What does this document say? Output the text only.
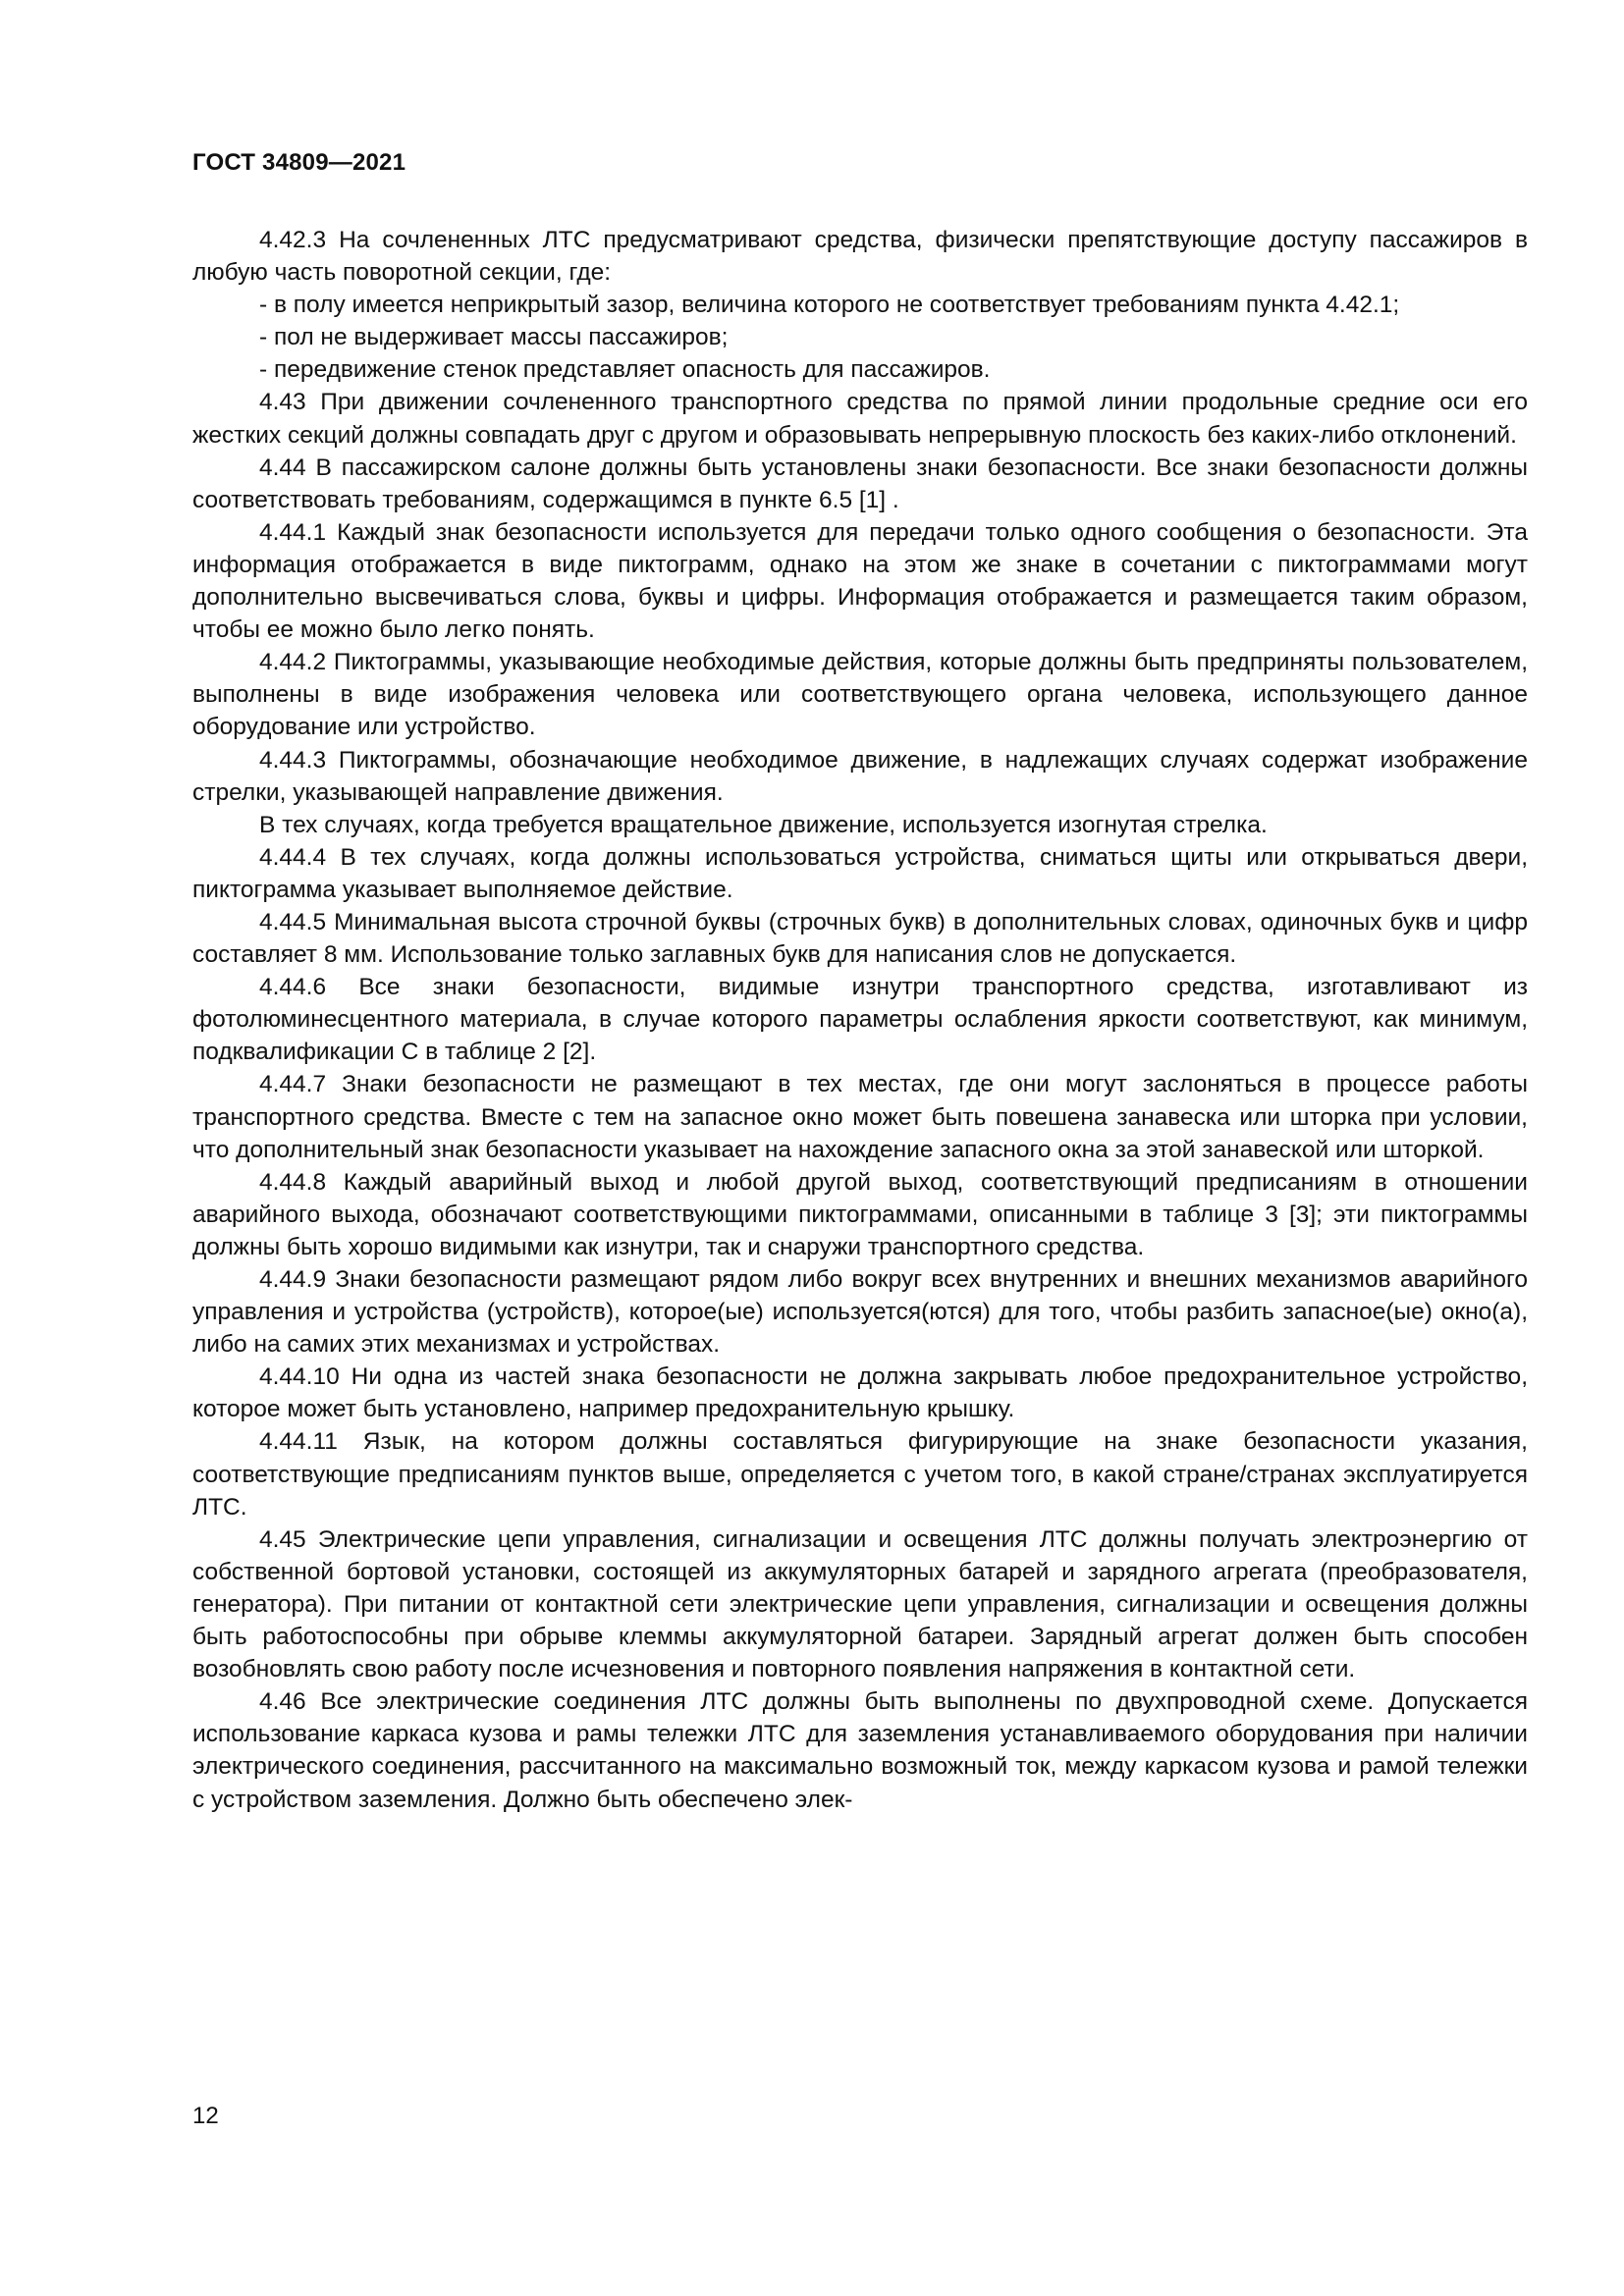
ГОСТ 34809—2021

4.42.3 На сочлененных ЛТС предусматривают средства, физически препятствующие доступу пассажиров в любую часть поворотной секции, где:

- в полу имеется неприкрытый зазор, величина которого не соответствует требованиям пункта 4.42.1;

- пол не выдерживает массы пассажиров;

- передвижение стенок представляет опасность для пассажиров.

4.43 При движении сочлененного транспортного средства по прямой линии продольные средние оси его жестких секций должны совпадать друг с другом и образовывать непрерывную плоскость без каких-либо отклонений.

4.44 В пассажирском салоне должны быть установлены знаки безопасности. Все знаки безопасности должны соответствовать требованиям, содержащимся в пункте 6.5 [1] .

4.44.1 Каждый знак безопасности используется для передачи только одного сообщения о безопасности. Эта информация отображается в виде пиктограмм, однако на этом же знаке в сочетании с пиктограммами могут дополнительно высвечиваться слова, буквы и цифры. Информация отображается и размещается таким образом, чтобы ее можно было легко понять.

4.44.2 Пиктограммы, указывающие необходимые действия, которые должны быть предприняты пользователем, выполнены в виде изображения человека или соответствующего органа человека, использующего данное оборудование или устройство.

4.44.3 Пиктограммы, обозначающие необходимое движение, в надлежащих случаях содержат изображение стрелки, указывающей направление движения.

В тех случаях, когда требуется вращательное движение, используется изогнутая стрелка.

4.44.4 В тех случаях, когда должны использоваться устройства, сниматься щиты или открываться двери, пиктограмма указывает выполняемое действие.

4.44.5 Минимальная высота строчной буквы (строчных букв) в дополнительных словах, одиночных букв и цифр составляет 8 мм. Использование только заглавных букв для написания слов не допускается.

4.44.6 Все знаки безопасности, видимые изнутри транспортного средства, изготавливают из фотолюминесцентного материала, в случае которого параметры ослабления яркости соответствуют, как минимум, подквалификации С в таблице 2 [2].

4.44.7 Знаки безопасности не размещают в тех местах, где они могут заслоняться в процессе работы транспортного средства. Вместе с тем на запасное окно может быть повешена занавеска или шторка при условии, что дополнительный знак безопасности указывает на нахождение запасного окна за этой занавеской или шторкой.

4.44.8 Каждый аварийный выход и любой другой выход, соответствующий предписаниям в отношении аварийного выхода, обозначают соответствующими пиктограммами, описанными в таблице 3 [3]; эти пиктограммы должны быть хорошо видимыми как изнутри, так и снаружи транспортного средства.

4.44.9 Знаки безопасности размещают рядом либо вокруг всех внутренних и внешних механизмов аварийного управления и устройства (устройств), которое(ые) используется(ются) для того, чтобы разбить запасное(ые) окно(а), либо на самих этих механизмах и устройствах.

4.44.10 Ни одна из частей знака безопасности не должна закрывать любое предохранительное устройство, которое может быть установлено, например предохранительную крышку.

4.44.11 Язык, на котором должны составляться фигурирующие на знаке безопасности указания, соответствующие предписаниям пунктов выше, определяется с учетом того, в какой стране/странах эксплуатируется ЛТС.

4.45 Электрические цепи управления, сигнализации и освещения ЛТС должны получать электроэнергию от собственной бортовой установки, состоящей из аккумуляторных батарей и зарядного агрегата (преобразователя, генератора). При питании от контактной сети электрические цепи управления, сигнализации и освещения должны быть работоспособны при обрыве клеммы аккумуляторной батареи. Зарядный агрегат должен быть способен возобновлять свою работу после исчезновения и повторного появления напряжения в контактной сети.

4.46 Все электрические соединения ЛТС должны быть выполнены по двухпроводной схеме. Допускается использование каркаса кузова и рамы тележки ЛТС для заземления устанавливаемого оборудования при наличии электрического соединения, рассчитанного на максимально возможный ток, между каркасом кузова и рамой тележки с устройством заземления. Должно быть обеспечено элек-

12
